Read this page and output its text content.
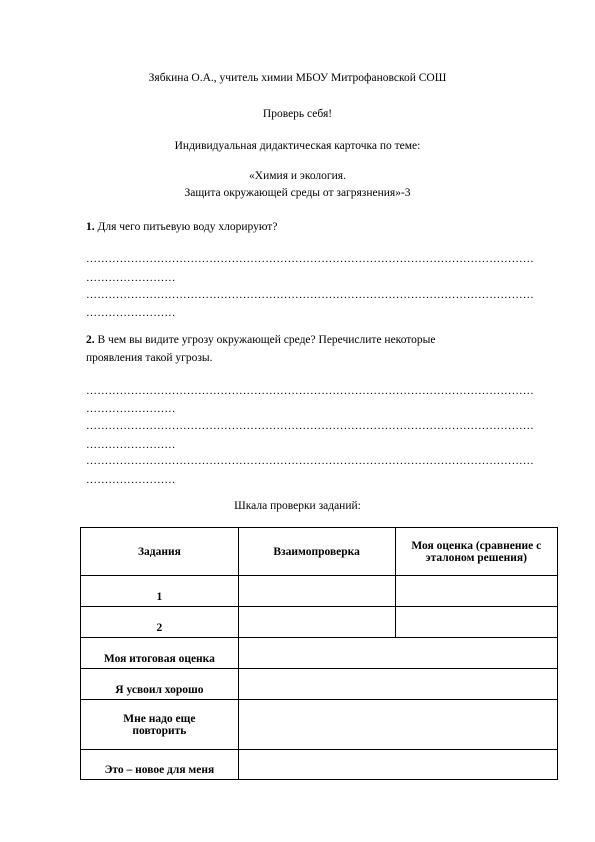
Зябкина О.А., учитель химии МБОУ Митрофановской СОШ
Проверь себя!
Индивидуальная дидактическая карточка по теме:
«Химия и экология.
Защита окружающей среды от загрязнения»-3
1. Для чего питьевую воду хлорируют?
…………………………………………………………………………………………………………
……………………
…………………………………………………………………………………………………………
……………………
2. В чем вы видите угрозу окружающей среде? Перечислите некоторые
проявления такой угрозы.
…………………………………………………………………………………………………………
……………………
…………………………………………………………………………………………………………
……………………
…………………………………………………………………………………………………………
……………………
Шкала проверки заданий:
Задания	Взаимопроверка	Моя оценка (сравнение с эталоном решения)
1		
2		
Моя итоговая оценка		
Я усвоил хорошо		
Мне надо еще повторить		
Это – новое для меня		
